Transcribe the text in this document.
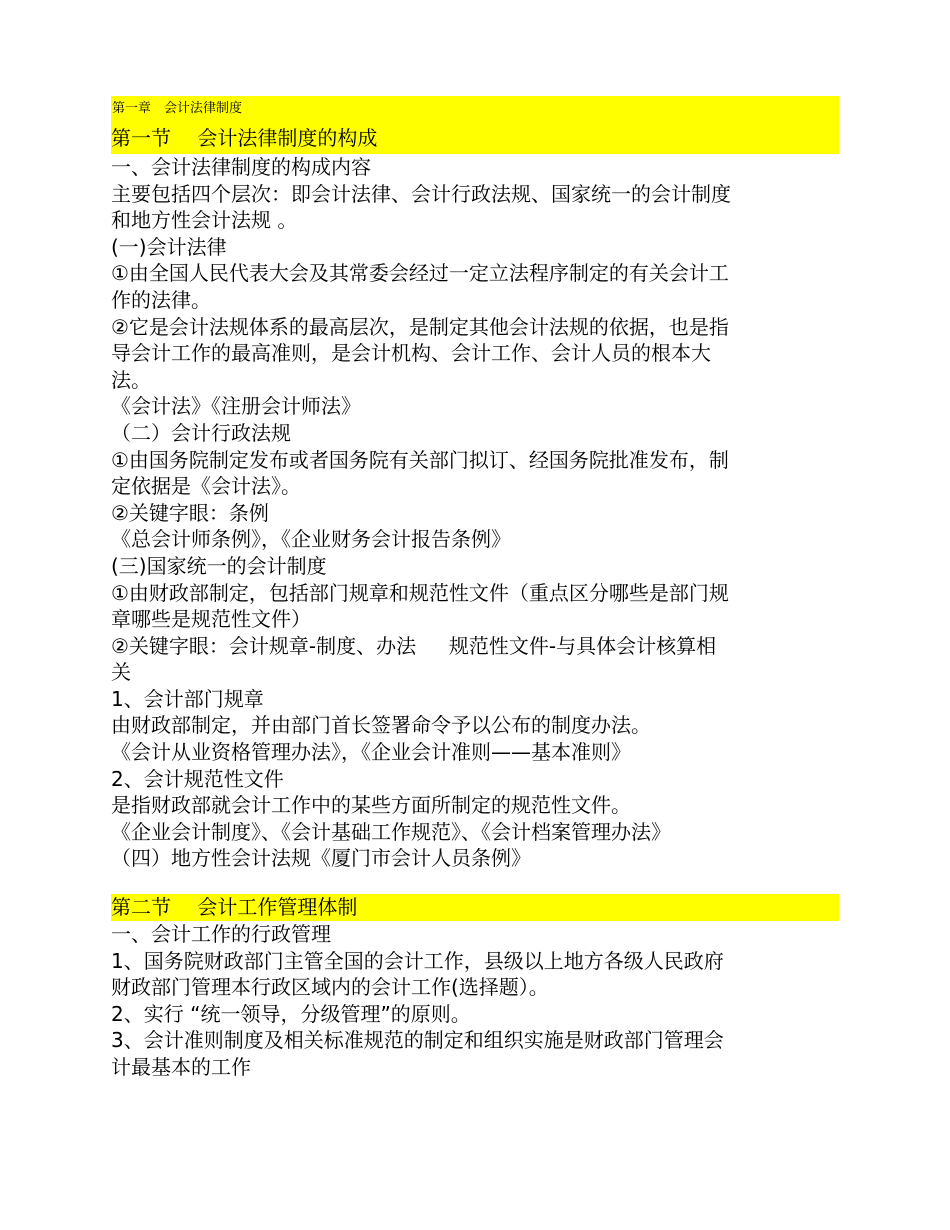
第一章　会计法律制度
第一节　 会计法律制度的构成
一、会计法律制度的构成内容
主要包括四个层次：即会计法律、会计行政法规、国家统一的会计制度
和地方性会计法规 。
(一)会计法律
①由全国人民代表大会及其常委会经过一定立法程序制定的有关会计工
作的法律。
②它是会计法规体系的最高层次，是制定其他会计法规的依据，也是指
导会计工作的最高准则，是会计机构、会计工作、会计人员的根本大
法。
《会计法》《注册会计师法》
（二）会计行政法规
①由国务院制定发布或者国务院有关部门拟订、经国务院批准发布，制
定依据是《会计法》。
②关键字眼：条例
《总会计师条例》，《企业财务会计报告条例》
(三)国家统一的会计制度
①由财政部制定，包括部门规章和规范性文件（重点区分哪些是部门规
章哪些是规范性文件）
②关键字眼：会计规章-制度、办法　  规范性文件-与具体会计核算相
关
1、会计部门规章
由财政部制定，并由部门首长签署命令予以公布的制度办法。
《会计从业资格管理办法》，《企业会计准则——基本准则》
2、会计规范性文件
是指财政部就会计工作中的某些方面所制定的规范性文件。
《企业会计制度》、《会计基础工作规范》、《会计档案管理办法》
（四）地方性会计法规《厦门市会计人员条例》
第二节　 会计工作管理体制
一、会计工作的行政管理
1、国务院财政部门主管全国的会计工作，县级以上地方各级人民政府
财政部门管理本行政区域内的会计工作(选择题）。
2、实行 “统一领导，分级管理”的原则。
3、会计准则制度及相关标准规范的制定和组织实施是财政部门管理会
计最基本的工作
